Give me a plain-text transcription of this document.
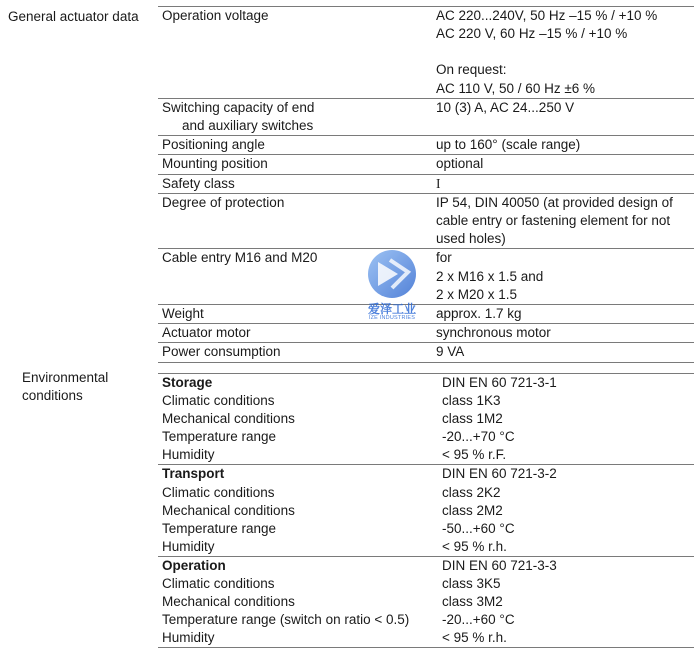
General actuator data
Environmental
conditions
Operation voltage	AC 220...240V, 50 Hz –15 % / +10 %
AC 220 V, 60 Hz –15 % / +10 %
On request:
AC 110 V, 50 / 60 Hz ±6 %

Switching capacity of end
and auxiliary switches	10 (3) A, AC 24...250 V

Positioning angle	up to 160° (scale range)
Mounting position	optional
Safety class	I
Degree of protection	IP 54, DIN 40050 (at provided design of
cable entry or fastening element for not
used holes)

Cable entry M16 and M20	for
2 x M16 x 1.5 and
2 x M20 x 1.5

Weight	approx. 1.7 kg
Actuator motor	synchronous motor
Power consumption	9 VA
Storage	DIN EN 60 721-3-1
Climatic conditions	class 1K3
Mechanical conditions	class 1M2
Temperature range	-20...+70 °C
Humidity	< 95 % r.F.
Transport	DIN EN 60 721-3-2
Climatic conditions	class 2K2
Mechanical conditions	class 2M2
Temperature range	-50...+60 °C
Humidity	< 95 % r.h.
Operation	DIN EN 60 721-3-3
Climatic conditions	class 3K5
Mechanical conditions	class 3M2
Temperature range (switch on ratio < 0.5)	-20...+60 °C
Humidity	< 95 % r.h.
爱泽工业
IZE INDUSTRIES
